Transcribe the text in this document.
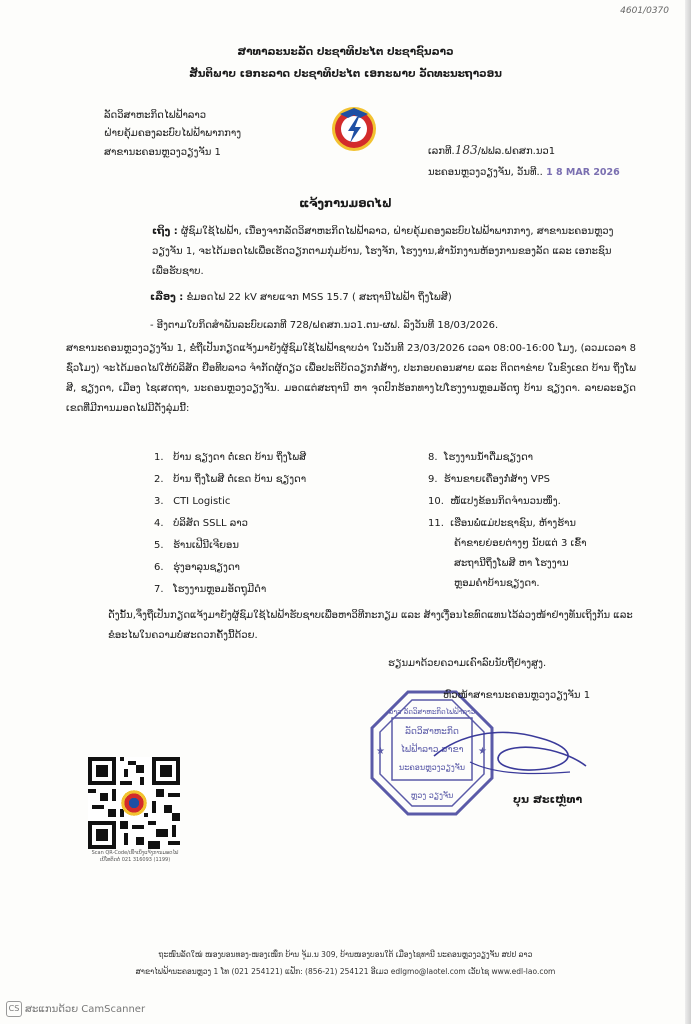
4601/0370
ສາທາລະນະລັດ ປະຊາທິປະໄຕ ປະຊາຊົນລາວ
ສັນຕິພາບ ເອກະລາດ ປະຊາທິປະໄຕ ເອກະພາບ ວັດທະນະຖາວອນ
ລັດວິສາຫະກິດໄຟຟ້າລາວ
ຝ່າຍຄຸ້ມຄອງລະບົບໄຟຟ້າພາກກາງ
ສາຂານະຄອນຫຼວງວຽງຈັນ 1	ເລກທີ.183/ຟຟລ.ຝຄສກ.ນວ1
ນະຄອນຫຼວງວຽງຈັນ, ວັນທີ.. 1 8 MAR 2026
ແຈ້ງການມອດໄຟ
ເຖິງ : ຜູ້ຊົມໃຊ້ໄຟຟ້າ, ເນື່ອງຈາກລັດວິສາຫະກິດໄຟຟ້າລາວ, ຝ່າຍຄຸ້ມຄອງລະບົບໄຟຟ້າພາກກາງ, ສາຂານະຄອນຫຼວງວຽງຈັນ 1, ຈະໄດ້ມອດໄຟເພື່ອເຮັດວຽກຕາມກຸ່ມບ້ານ, ໂຮງຈັກ, ໂຮງງານ,ສຳນັກງານຫ້ອງການຂອງລັດ ແລະ ເອກະຊົນເພື່ອຮັບຊາບ.
ເລື່ອງ : ຂໍມອດໄຟ 22 kV ສາຍແຈກ MSS 15.7 ( ສະຖານີໄຟຟ້າ ຖິ່ງໂພສີ)
- ອີງຕາມໃບກິດສຳພັນລະບົບເລກທີ 728/ຝຄສກ.ນວ1.ຕນ-ຜຟ. ລົງວັນທີ 18/03/2026.
ສາຂານະຄອນຫຼວງວຽງຈັນ 1, ຂໍຖືເປັນກຽດແຈ້ງມາຍັງຜູ້ຊົມໃຊ້ໄຟຟ້າຊາບວ່າ ໃນວັນທີ 23/03/2026 ເວລາ 08:00-16:00 ໂມງ, (ລວມເວລາ 8 ຊົ່ວໂມງ) ຈະໄດ້ມອດໄຟໃຫ້ບໍລິສັດ ຢືອທີບລາວ ຈຳກັດຜູ້ດຽວ ເພື່ອປະຕິບັດວຽກກໍ່ສ້າງ, ປະກອບຄອນສາຍ ແລະ ຕິດຕາຂ່າຍ ໃນຂົງເຂດ ບ້ານ ຖິ່ງໂພສີ, ຊຽງດາ, ເມືອງ ໄຊເສດຖາ, ນະຄອນຫຼວງວຽງຈັນ. ມອດແຕ່ສະຖານີ ຫາ ຈຸດປົກຮ້ອກທາງໄປໂຮງງານຫຼອມອັດຖຸ ບ້ານ ຊຽງດາ. ລາຍລະອຽດເຂດທີ່ມີການມອດໄຟມີດັ່ງລຸ່ມນີ້:
1. ບ້ານ ຊຽງດາ ຕໍ່ເຂດ ບ້ານ ຖິ່ງໂພສີ
2. ບ້ານ ຖິ່ງໂພສີ ຕໍ່ເຂດ ບ້ານ ຊຽງດາ
3. CTI Logistic
4. ບໍລິສັດ SSLL ລາວ
5. ຮ້ານເຟີນີເຈີຍອນ
6. ຮຸ່ງອາລຸນຊຽງດາ
7. ໂຮງງານຫຼອມອັດຖຸມີດຳ
8. ໂຮງງານນ້ຳດື່ມຊຽງດາ
9. ຮ້ານຂາຍເຄື່ອງກໍ່ສ້າງ VPS
10. ໜໍ້ແປງຂ້ອນກິດຈຳນວນໜຶ່ງ.
11. ເຮືອນພໍ່ແມ່ປະຊາຊົນ, ຫ້າງຮ້ານ
ຄ້າຂາຍຍ່ອຍຕ່າງໆ ນັບແຕ່ 3 ເຂົ້າ
ສະຖານີຖິ່ງໂພສີ ຫາ ໂຮງງານ
ຫຼອມຄຳບ້ານຊຽງດາ.
ດັ່ງນັ້ນ,ຈຶ່ງຖືເປັນກຽດແຈ້ງມາຍັງຜູ້ຊົມໃຊ້ໄຟຟ້າຮັບຊາບເພື່ອຫາວິທີກະກຽມ ແລະ ສ້າງເງື່ອນໄຂທົດແທນໄວ້ລ່ວງໜ້າຢ່າງທັນເຖິງກັນ ແລະ ຂໍອະໄພໃນຄວາມບໍ່ສະດວກຄັ້ງນີ້ດ້ວຍ.
ຮຽນມາດ້ວຍຄວາມເຄົາລົບນັບຖືຢ່າງສູງ.
★	★
ລາວ ລັດວິສາຫະກິດໄຟຟ້າລາວ
ລັດວິສາຫະກິດ
ໄຟຟ້າລາວ ສາຂາ
ນະຄອນຫຼວງວຽງຈັນ
ຫຼວງ ວຽງຈັນ
ຫົວໜ້າສາຂານະຄອນຫຼວງວຽງຈັນ 1
ບຸນ ສະເຫຼ່ທາ
Scan QR-Code/ເຂົ້າເບິ່ງແຈ້ງການມອດໄຟ
ເບີໂທຕິດຕໍ່ 021 316093 (1199)
ຖະໜົນລັດໃໝ່ ໜອງບອນທອງ-ໜອງເໜຶກ ບ້ານ ຈູ້ມ.ນ 309, ບ້ານໜອງບອນໃຕ້ ເມືອງໄຊທານີ ນະຄອນຫຼວງວຽງຈັນ ສປປ ລາວ
ສາຂາໄຟຟ້ານະຄອນຫຼວງ 1 ໂທ (021 254121) ແຟັກ: (856-21) 254121 ອີເມວ edlgmo@laotel.com ເວັບໄຊ www.edl-lao.com
CS ສະແກນດ້ວຍ CamScanner
